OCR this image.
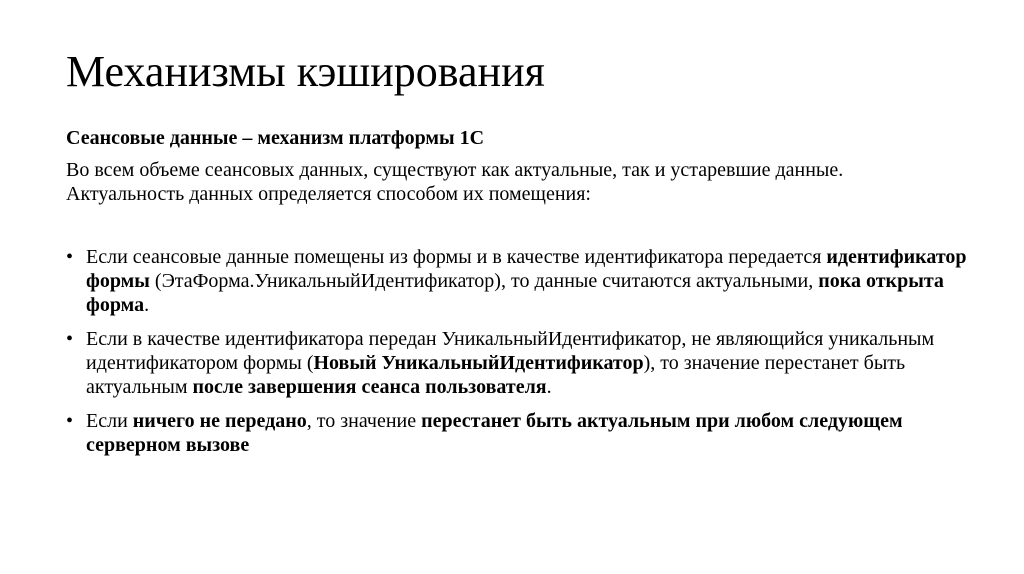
Механизмы кэширования

Сеансовые данные – механизм платформы 1С

Во всем объеме сеансовых данных, существуют как актуальные, так и устаревшие данные.
Актуальность данных определяется способом их помещения:
• Если сеансовые данные помещены из формы и в качестве идентификатора передается идентификатор формы (ЭтаФорма.УникальныйИдентификатор), то данные считаются актуальными, пока открыта форма.
• Если в качестве идентификатора передан УникальныйИдентификатор, не являющийся уникальным идентификатором формы (Новый УникальныйИдентификатор), то значение перестанет быть актуальным после завершения сеанса пользователя.
• Если ничего не передано, то значение перестанет быть актуальным при любом следующем серверном вызове
